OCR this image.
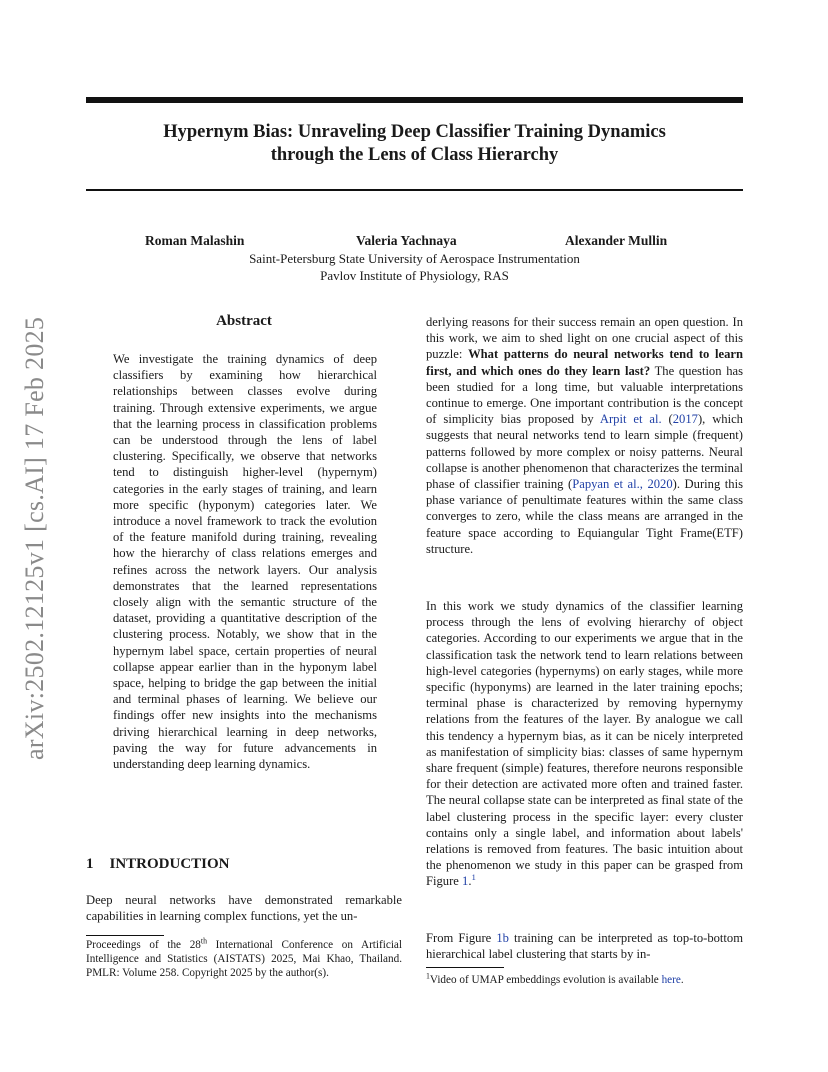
Hypernym Bias: Unraveling Deep Classifier Training Dynamics
through the Lens of Class Hierarchy
Roman Malashin	Valeria Yachnaya	Alexander Mullin
Saint-Petersburg State University of Aerospace Instrumentation
Pavlov Institute of Physiology, RAS
arXiv:2502.12125v1 [cs.AI] 17 Feb 2025	Abstract

We investigate the training dynamics of deep classifiers by examining how hierarchical relationships between classes evolve during training. Through extensive experiments, we argue that the learning process in classification problems can be understood through the lens of label clustering. Specifically, we observe that networks tend to distinguish higher-level (hypernym) categories in the early stages of training, and learn more specific (hyponym) categories later. We introduce a novel framework to track the evolution of the feature manifold during training, revealing how the hierarchy of class relations emerges and refines across the network layers. Our analysis demonstrates that the learned representations closely align with the semantic structure of the dataset, providing a quantitative description of the clustering process. Notably, we show that in the hypernym label space, certain properties of neural collapse appear earlier than in the hyponym label space, helping to bridge the gap between the initial and terminal phases of learning. We believe our findings offer new insights into the mechanisms driving hierarchical learning in deep networks, paving the way for future advancements in understanding deep learning dynamics.

1 INTRODUCTION

Deep neural networks have demonstrated remarkable capabilities in learning complex functions, yet the un-

Proceedings of the 28th International Conference on Artificial Intelligence and Statistics (AISTATS) 2025, Mai Khao, Thailand. PMLR: Volume 258. Copyright 2025 by the author(s).

derlying reasons for their success remain an open question. In this work, we aim to shed light on one crucial aspect of this puzzle: What patterns do neural networks tend to learn first, and which ones do they learn last? The question has been studied for a long time, but valuable interpretations continue to emerge. One important contribution is the concept of simplicity bias proposed by Arpit et al. (2017), which suggests that neural networks tend to learn simple (frequent) patterns followed by more complex or noisy patterns. Neural collapse is another phenomenon that characterizes the terminal phase of classifier training (Papyan et al., 2020). During this phase variance of penultimate features within the same class converges to zero, while the class means are arranged in the feature space according to Equiangular Tight Frame(ETF) structure.

In this work we study dynamics of the classifier learning process through the lens of evolving hierarchy of object categories. According to our experiments we argue that in the classification task the network tend to learn relations between high-level categories (hypernyms) on early stages, while more specific (hyponyms) are learned in the later training epochs; terminal phase is characterized by removing hypernymy relations from the features of the layer. By analogue we call this tendency a hypernym bias, as it can be nicely interpreted as manifestation of simplicity bias: classes of same hypernym share frequent (simple) features, therefore neurons responsible for their detection are activated more often and trained faster. The neural collapse state can be interpreted as final state of the label clustering process in the specific layer: every cluster contains only a single label, and information about labels' relations is removed from features. The basic intuition about the phenomenon we study in this paper can be grasped from Figure 1.$^1$

From Figure 1b training can be interpreted as top-to-bottom hierarchical label clustering that starts by in-

$^1$Video of UMAP embeddings evolution is available here.
